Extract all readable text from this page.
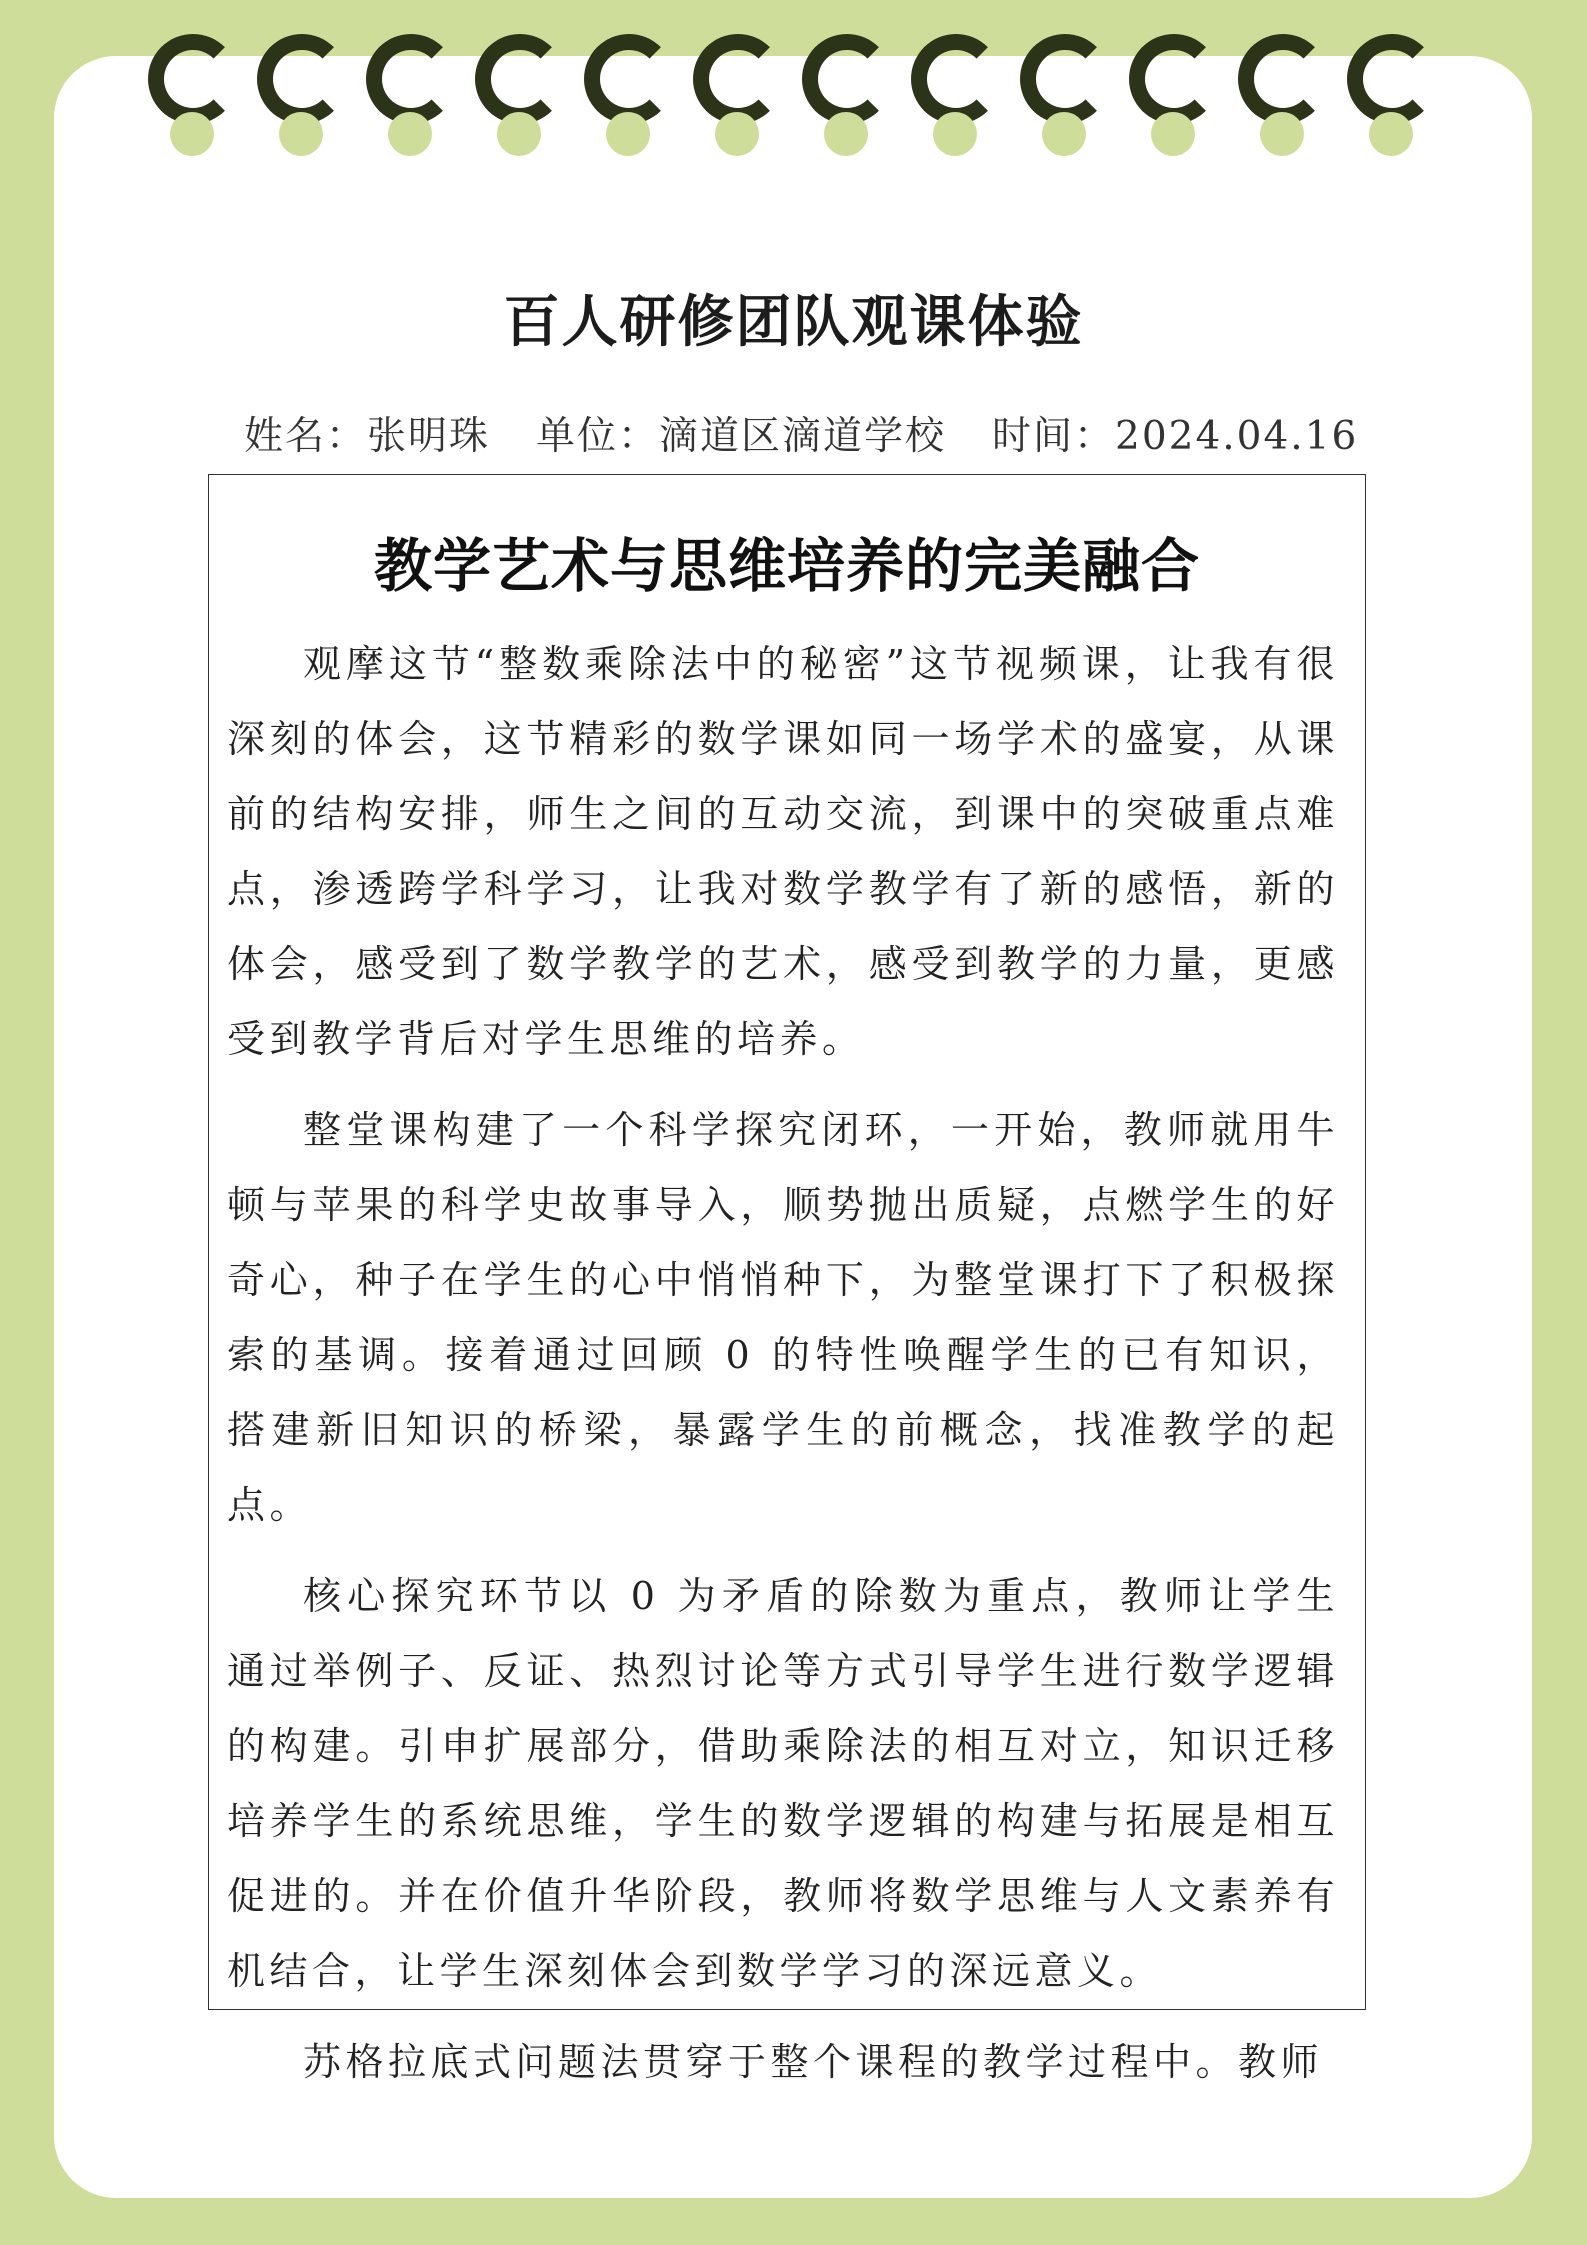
百人研修团队观课体验
姓名：张明珠 单位：滴道区滴道学校 时间：2024.04.16
教学艺术与思维培养的完美融合

观摩这节“整数乘除法中的秘密”这节视频课，让我有很深刻的体会，这节精彩的数学课如同一场学术的盛宴，从课前的结构安排，师生之间的互动交流，到课中的突破重点难点，渗透跨学科学习，让我对数学教学有了新的感悟，新的体会，感受到了数学教学的艺术，感受到教学的力量，更感受到教学背后对学生思维的培养。

整堂课构建了一个科学探究闭环，一开始，教师就用牛顿与苹果的科学史故事导入，顺势抛出质疑，点燃学生的好奇心，种子在学生的心中悄悄种下，为整堂课打下了积极探索的基调。接着通过回顾 0 的特性唤醒学生的已有知识，搭建新旧知识的桥梁，暴露学生的前概念，找准教学的起点。

核心探究环节以 0 为矛盾的除数为重点，教师让学生通过举例子、反证、热烈讨论等方式引导学生进行数学逻辑的构建。引申扩展部分，借助乘除法的相互对立，知识迁移培养学生的系统思维，学生的数学逻辑的构建与拓展是相互促进的。并在价值升华阶段，教师将数学思维与人文素养有机结合，让学生深刻体会到数学学习的深远意义。

苏格拉底式问题法贯穿于整个课程的教学过程中。教师
